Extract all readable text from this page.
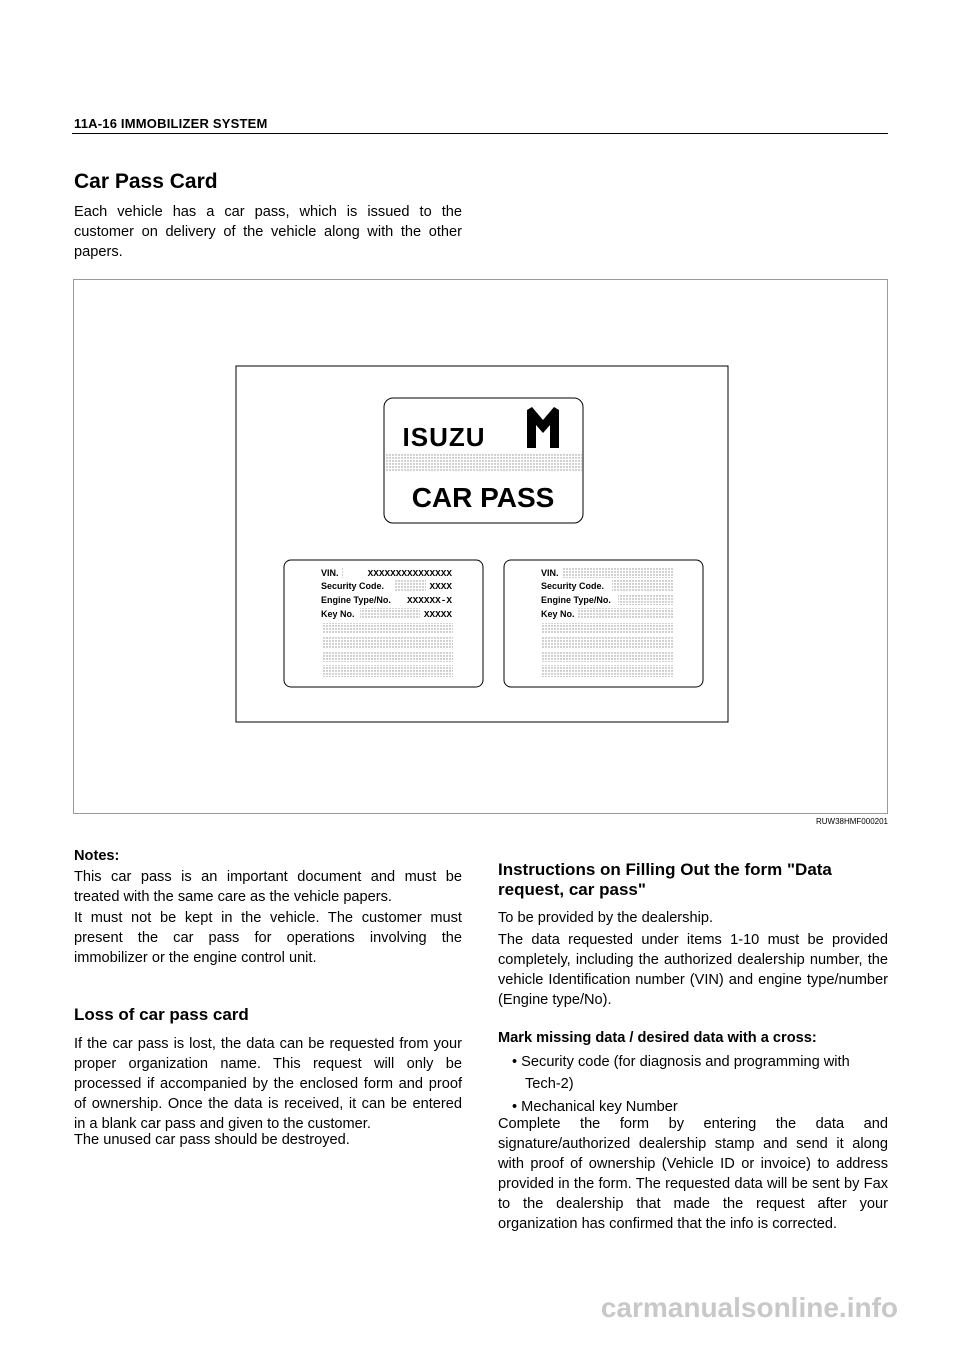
11A-16 IMMOBILIZER SYSTEM
Car Pass Card

Each vehicle has a car pass, which is issued to the customer on delivery of the vehicle along with the other papers.

ISUZU
CAR PASS
VIN.	XXXXXXXXXXXXXXX
Security Code.	XXXX
Engine Type/No. XXXXXX-X
Key No.	XXXXX
VIN.
Security Code.
Engine Type/No.
Key No.
RUW38HMF000201
Notes:

This car pass is an important document and must be treated with the same care as the vehicle papers.

It must not be kept in the vehicle. The customer must present the car pass for operations involving the immobilizer or the engine control unit.

Loss of car pass card

If the car pass is lost, the data can be requested from your proper organization name. This request will only be processed if accompanied by the enclosed form and proof of ownership. Once the data is received, it can be entered in a blank car pass and given to the customer.

The unused car pass should be destroyed.

Instructions on Filling Out the form "Data request, car pass"

To be provided by the dealership.

The data requested under items 1-10 must be provided completely, including the authorized dealership number, the vehicle Identification number (VIN) and engine type/number (Engine type/No).

Mark missing data / desired data with a cross:
• Security code (for diagnosis and programming with
Tech-2)
• Mechanical key Number

Complete the form by entering the data and signature/authorized dealership stamp and send it along with proof of ownership (Vehicle ID or invoice) to address provided in the form. The requested data will be sent by Fax to the dealership that made the request after your organization has confirmed that the info is corrected.

carmanualsonline.info
